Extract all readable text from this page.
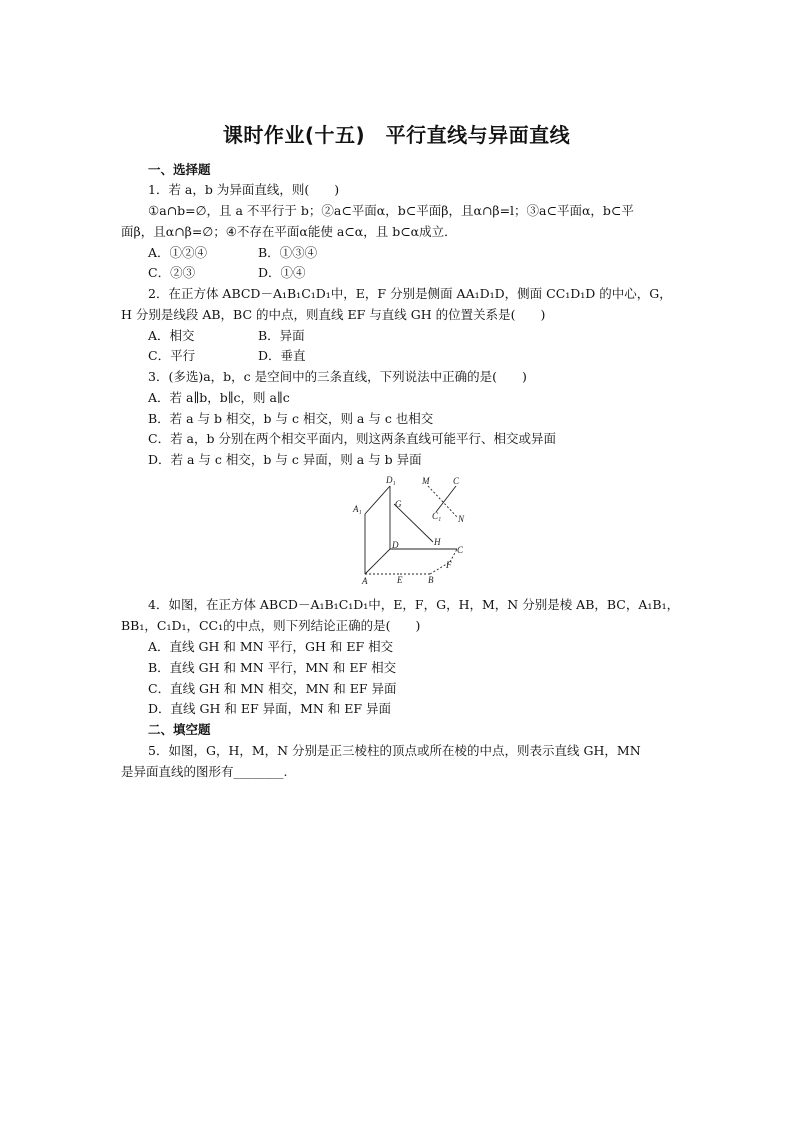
课时作业(十五)　平行直线与异面直线
一、选择题
1．若 a，b 为异面直线，则(　　)
①a∩b=∅，且 a 不平行于 b；②a⊂平面α，b⊂平面β，且α∩β=l；③a⊂平面α，b⊂平
面β，且α∩β=∅；④不存在平面α能使 a⊂α，且 b⊂α成立．
A．①②④	B．①③④
C．②③	D．①④
2．在正方体 ABCD－A₁B₁C₁D₁中，E，F 分别是侧面 AA₁D₁D，侧面 CC₁D₁D 的中心，G，
H 分别是线段 AB，BC 的中点，则直线 EF 与直线 GH 的位置关系是(　　)
A．相交	B．异面
C．平行	D．垂直
3．(多选)a，b，c 是空间中的三条直线，下列说法中正确的是(　　)
A．若 a∥b，b∥c，则 a∥c
B．若 a 与 b 相交，b 与 c 相交，则 a 与 c 也相交
C．若 a，b 分别在两个相交平面内，则这两条直线可能平行、相交或异面
D．若 a 与 c 相交，b 与 c 异面，则 a 与 b 异面
D₁	M	C
A₁	G
C₁ N
D	H
C
F
A	E	B
4．如图，在正方体 ABCD－A₁B₁C₁D₁中，E，F，G，H，M，N 分别是棱 AB，BC，A₁B₁，
BB₁，C₁D₁，CC₁的中点，则下列结论正确的是(　　)
A．直线 GH 和 MN 平行，GH 和 EF 相交
B．直线 GH 和 MN 平行，MN 和 EF 相交
C．直线 GH 和 MN 相交，MN 和 EF 异面
D．直线 GH 和 EF 异面，MN 和 EF 异面
二、填空题
5．如图，G，H，M，N 分别是正三棱柱的顶点或所在棱的中点，则表示直线 GH，MN
是异面直线的图形有________.
